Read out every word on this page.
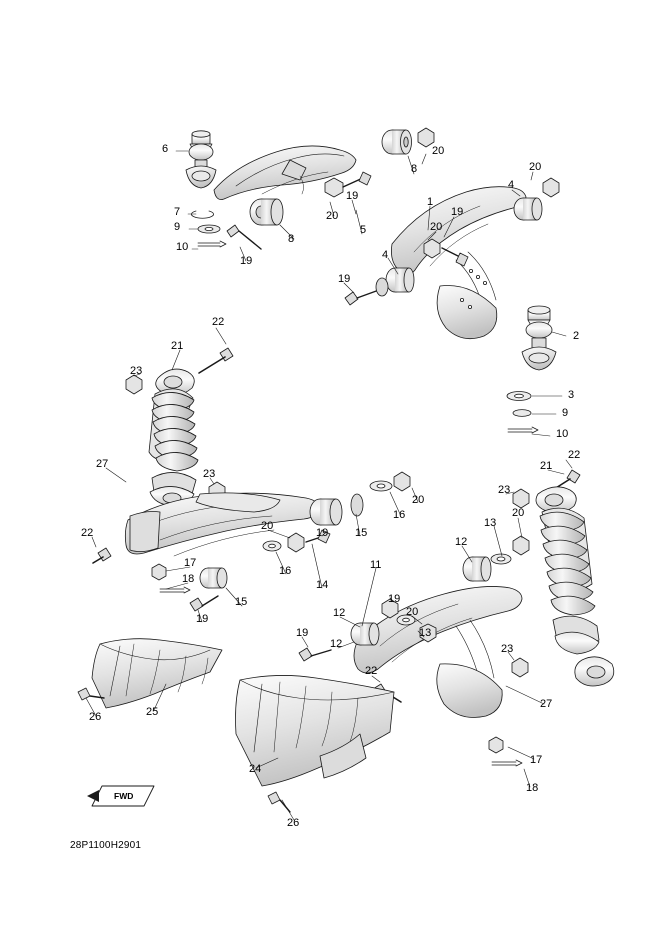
6	20
8	20
4
7
19
20
1
19
9
10
8
5	20
19	4
19
2
22
21
3
23
9
10
27
23
21
22
20
16
23
13
20
22
20
19 15
12
17
16
14
11
18
12
19
20
15
19
13
19
12	23
22
26	25
27
17
24
18
26
FWD
28P1100H2901
